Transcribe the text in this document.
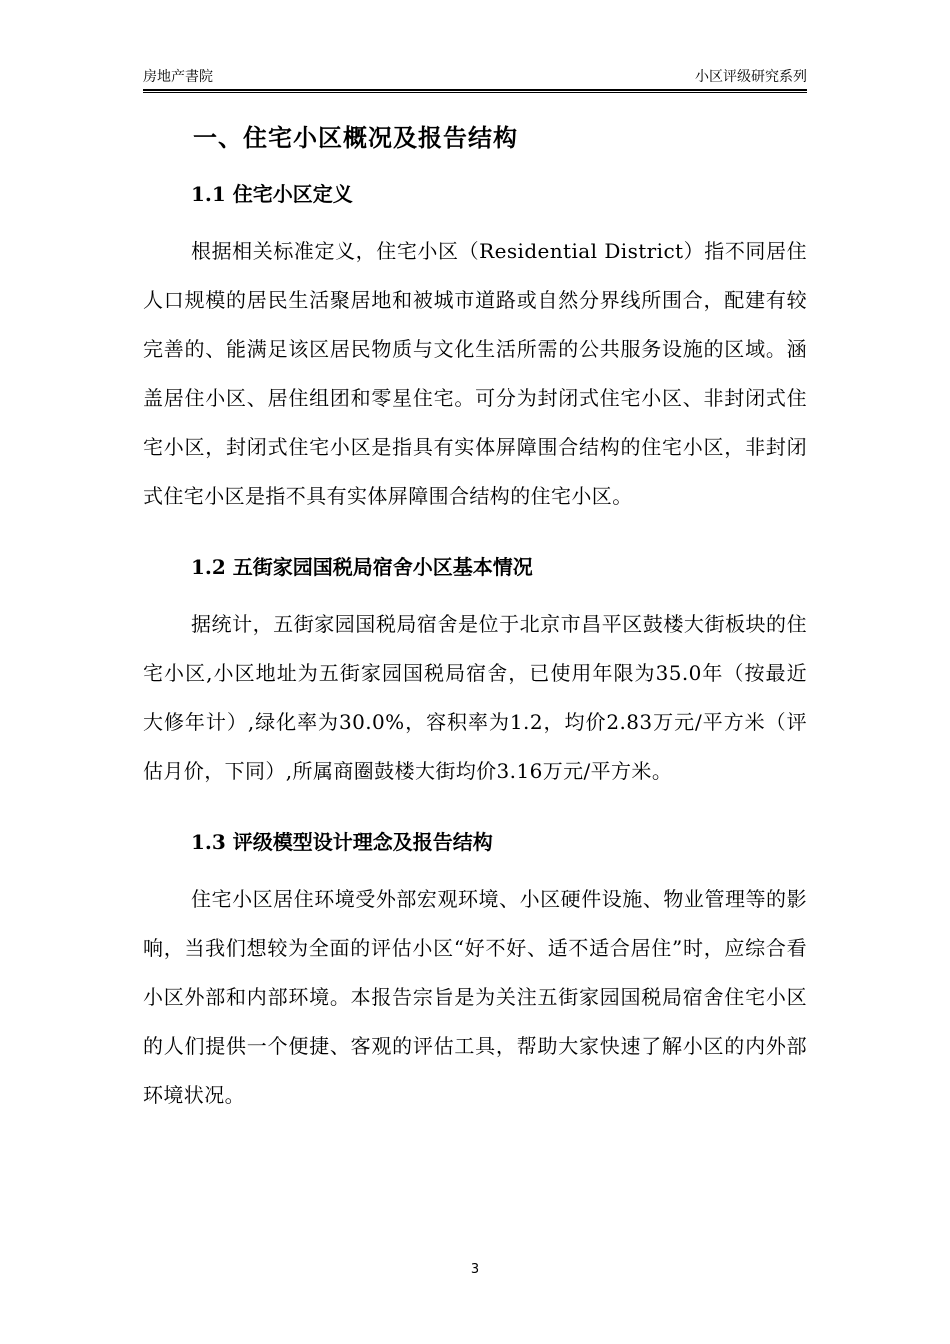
房地产書院	小区评级研究系列
一、住宅小区概况及报告结构
1.1 住宅小区定义

根据相关标准定义，住宅小区（Residential District）指不同居住人口规模的居民生活聚居地和被城市道路或自然分界线所围合，配建有较完善的、能满足该区居民物质与文化生活所需的公共服务设施的区域。涵盖居住小区、居住组团和零星住宅。可分为封闭式住宅小区、非封闭式住宅小区，封闭式住宅小区是指具有实体屏障围合结构的住宅小区，非封闭式住宅小区是指不具有实体屏障围合结构的住宅小区。

1.2 五街家园国税局宿舍小区基本情况

据统计，五街家园国税局宿舍是位于北京市昌平区鼓楼大街板块的住宅小区,小区地址为五街家园国税局宿舍，已使用年限为35.0年（按最近大修年计）,绿化率为30.0%，容积率为1.2，均价2.83万元/平方米（评估月价，下同）,所属商圈鼓楼大街均价3.16万元/平方米。

1.3 评级模型设计理念及报告结构

住宅小区居住环境受外部宏观环境、小区硬件设施、物业管理等的影响，当我们想较为全面的评估小区“好不好、适不适合居住”时，应综合看小区外部和内部环境。本报告宗旨是为关注五街家园国税局宿舍住宅小区的人们提供一个便捷、客观的评估工具，帮助大家快速了解小区的内外部环境状况。

3
